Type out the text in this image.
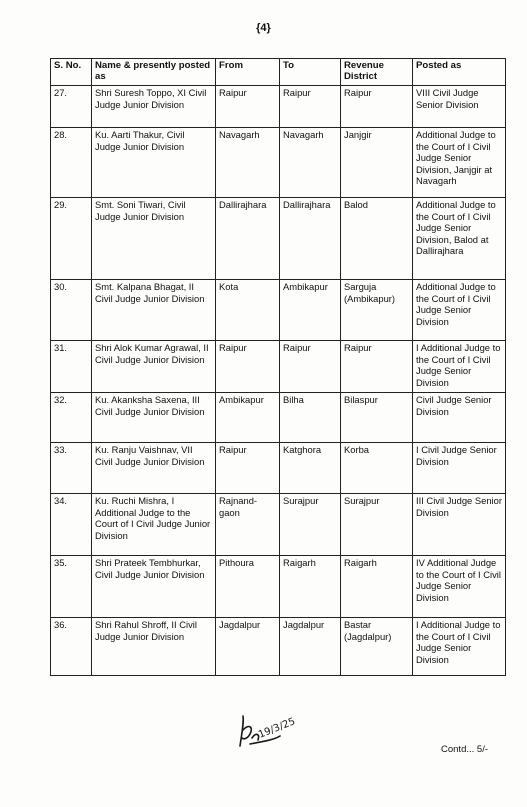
{4}
S. No.	Name & presently posted as	From	To	Revenue District	Posted as
27.	Shri Suresh Toppo, XI Civil Judge Junior Division	Raipur	Raipur	Raipur	VIII Civil Judge Senior Division
28.	Ku. Aarti Thakur, Civil Judge Junior Division	Navagarh	Navagarh	Janjgir	Additional Judge to the Court of I Civil Judge Senior Division, Janjgir at Navagarh
29.	Smt. Soni Tiwari, Civil Judge Junior Division	Dallirajhara	Dallirajhara	Balod	Additional Judge to the Court of I Civil Judge Senior Division, Balod at Dallirajhara
30.	Smt. Kalpana Bhagat, II Civil Judge Junior Division	Kota	Ambikapur	Sarguja (Ambikapur)	Additional Judge to the Court of I Civil Judge Senior Division
31.	Shri Alok Kumar Agrawal, II Civil Judge Junior Division	Raipur	Raipur	Raipur	I Additional Judge to the Court of I Civil Judge Senior Division
32.	Ku. Akanksha Saxena, III Civil Judge Junior Division	Ambikapur	Bilha	Bilaspur	Civil Judge Senior Division
33.	Ku. Ranju Vaishnav, VII Civil Judge Junior Division	Raipur	Katghora	Korba	I Civil Judge Senior Division
34.	Ku. Ruchi Mishra, I Additional Judge to the Court of I Civil Judge Junior Division	Rajnand-gaon	Surajpur	Surajpur	III Civil Judge Senior Division
35.	Shri Prateek Tembhurkar, Civil Judge Junior Division	Pithoura	Raigarh	Raigarh	IV Additional Judge to the Court of I Civil Judge Senior Division
36.	Shri Rahul Shroff, II Civil Judge Junior Division	Jagdalpur	Jagdalpur	Bastar (Jagdalpur)	I Additional Judge to the Court of I Civil Judge Senior Division
19/3/25
Contd... 5/-
